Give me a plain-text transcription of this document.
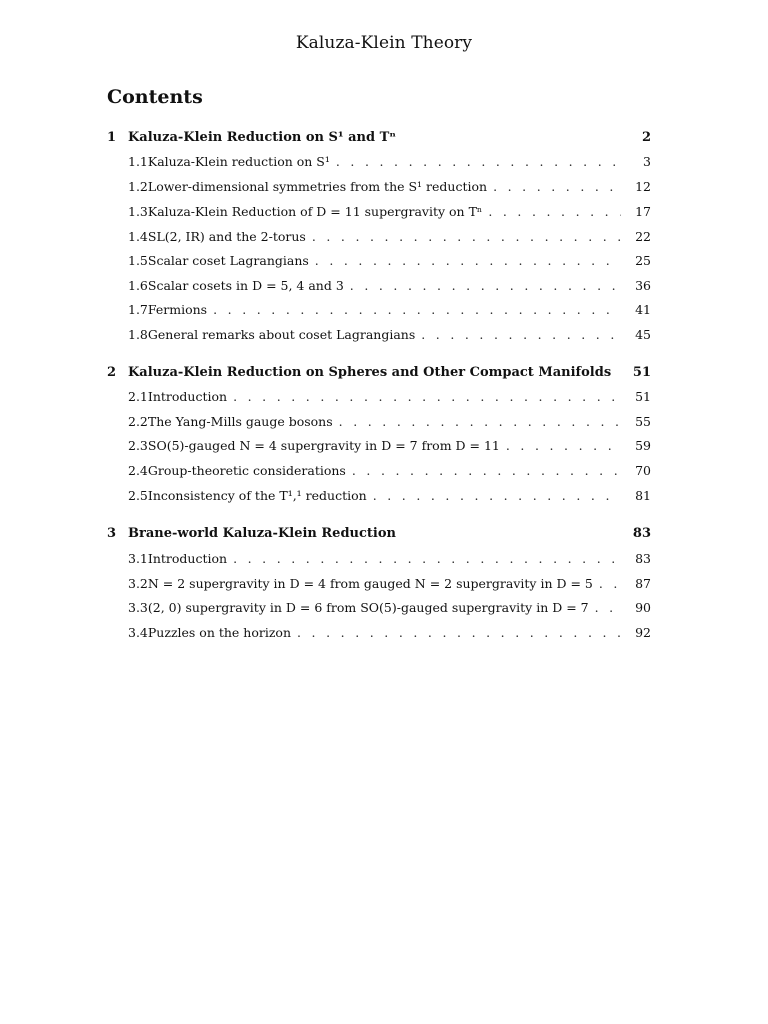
Kaluza-Klein Theory
Contents
1 Kaluza-Klein Reduction on S¹ and Tⁿ	2
1.1 Kaluza-Klein reduction on S¹ . . .	3
1.2 Lower-dimensional symmetries from the S¹ reduction . . .	12
1.3 Kaluza-Klein Reduction of D = 11 supergravity on Tⁿ . . .	17
1.4 SL(2, IR) and the 2-torus . . .	22
1.5 Scalar coset Lagrangians . . .	25
1.6 Scalar cosets in D = 5, 4 and 3 . . .	36
1.7 Fermions . . .	41
1.8 General remarks about coset Lagrangians . . .	45
2 Kaluza-Klein Reduction on Spheres and Other Compact Manifolds	51
2.1 Introduction . . .	51
2.2 The Yang-Mills gauge bosons . . .	55
2.3 SO(5)-gauged N = 4 supergravity in D = 7 from D = 11 . . .	59
2.4 Group-theoretic considerations . . .	70
2.5 Inconsistency of the T¹,¹ reduction . . .	81
3 Brane-world Kaluza-Klein Reduction	83
3.1 Introduction . . .	83
3.2 N = 2 supergravity in D = 4 from gauged N = 2 supergravity in D = 5 . . .	87
3.3 (2, 0) supergravity in D = 6 from SO(5)-gauged supergravity in D = 7 . . .	90
3.4 Puzzles on the horizon . . .	92
